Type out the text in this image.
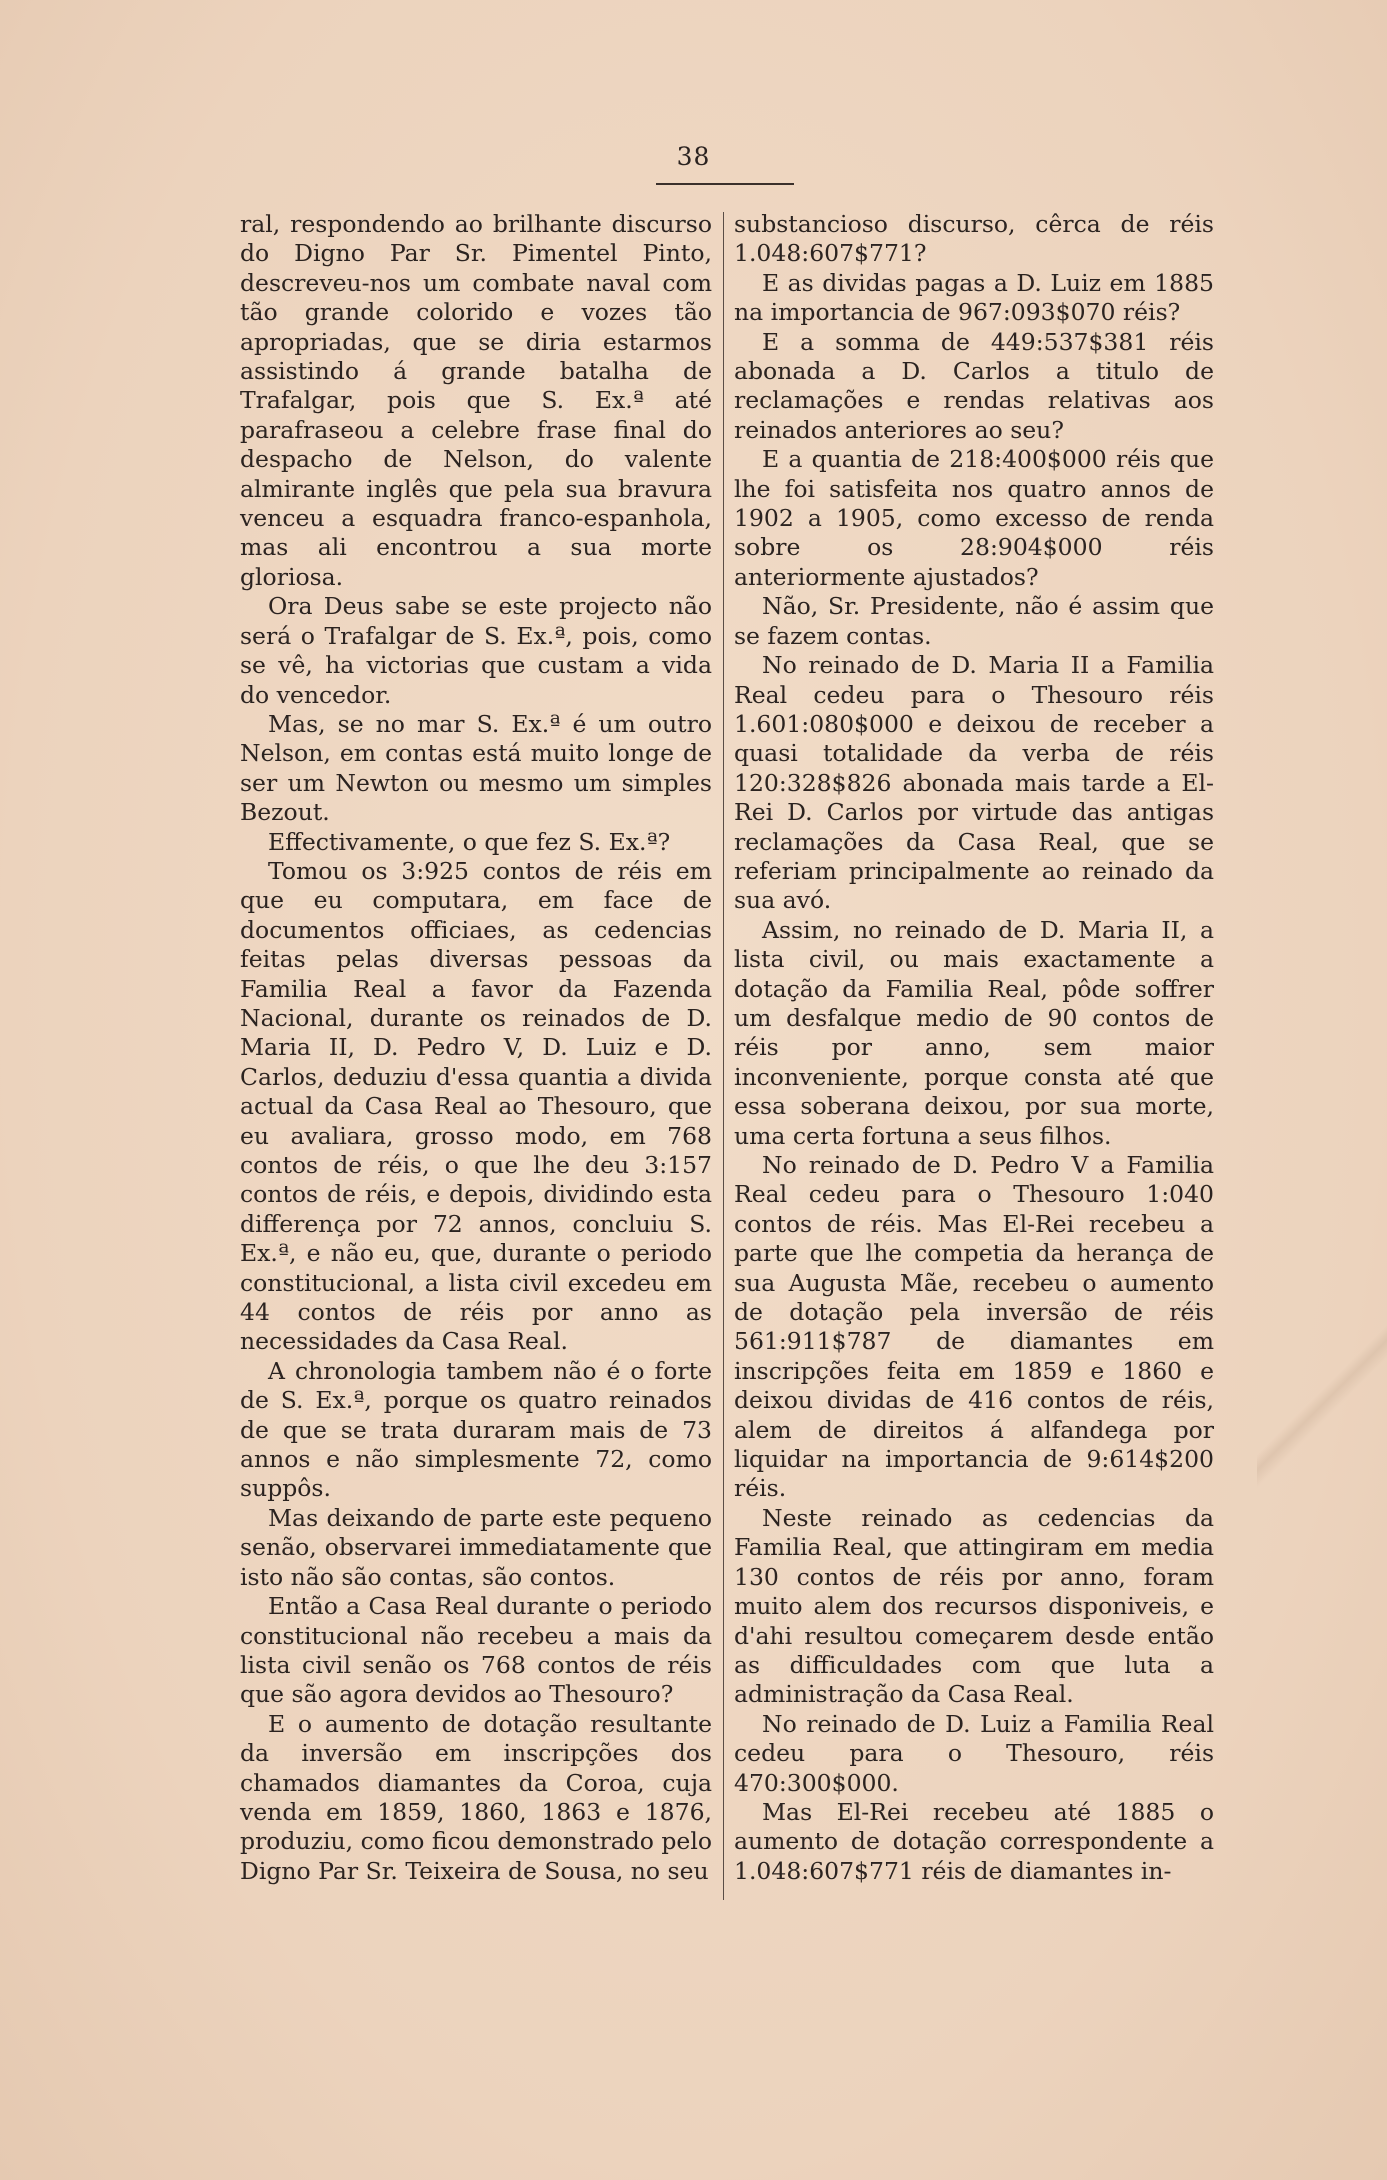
38

ral, respondendo ao brilhante discurso do Digno Par Sr. Pimentel Pinto, descreveu-nos um combate naval com tão grande colorido e vozes tão apropriadas, que se diria estarmos assistindo á grande batalha de Trafalgar, pois que S. Ex.ª até parafraseou a celebre frase final do despacho de Nelson, do valente almirante inglês que pela sua bravura venceu a esquadra franco-espanhola, mas ali encontrou a sua morte gloriosa.

Ora Deus sabe se este projecto não será o Trafalgar de S. Ex.ª, pois, como se vê, ha victorias que custam a vida do vencedor.

Mas, se no mar S. Ex.ª é um outro Nelson, em contas está muito longe de ser um Newton ou mesmo um simples Bezout.

Effectivamente, o que fez S. Ex.ª?

Tomou os 3:925 contos de réis em que eu computara, em face de documentos officiaes, as cedencias feitas pelas diversas pessoas da Familia Real a favor da Fazenda Nacional, durante os reinados de D. Maria II, D. Pedro V, D. Luiz e D. Carlos, deduziu d'essa quantia a divida actual da Casa Real ao Thesouro, que eu avaliara, grosso modo, em 768 contos de réis, o que lhe deu 3:157 contos de réis, e depois, dividindo esta differença por 72 annos, concluiu S. Ex.ª, e não eu, que, durante o periodo constitucional, a lista civil excedeu em 44 contos de réis por anno as necessidades da Casa Real.

A chronologia tambem não é o forte de S. Ex.ª, porque os quatro reinados de que se trata duraram mais de 73 annos e não simplesmente 72, como suppôs.

Mas deixando de parte este pequeno senão, observarei immediatamente que isto não são contas, são contos.

Então a Casa Real durante o periodo constitucional não recebeu a mais da lista civil senão os 768 contos de réis que são agora devidos ao Thesouro?

E o aumento de dotação resultante da inversão em inscripções dos chamados diamantes da Coroa, cuja venda em 1859, 1860, 1863 e 1876, produziu, como ficou demonstrado pelo Digno Par Sr. Teixeira de Sousa, no seu

substancioso discurso, cêrca de réis 1.048:607$771?

E as dividas pagas a D. Luiz em 1885 na importancia de 967:093$070 réis?

E a somma de 449:537$381 réis abonada a D. Carlos a titulo de reclamações e rendas relativas aos reinados anteriores ao seu?

E a quantia de 218:400$000 réis que lhe foi satisfeita nos quatro annos de 1902 a 1905, como excesso de renda sobre os 28:904$000 réis anteriormente ajustados?

Não, Sr. Presidente, não é assim que se fazem contas.

No reinado de D. Maria II a Familia Real cedeu para o Thesouro réis 1.601:080$000 e deixou de receber a quasi totalidade da verba de réis 120:328$826 abonada mais tarde a El-Rei D. Carlos por virtude das antigas reclamações da Casa Real, que se referiam principalmente ao reinado da sua avó.

Assim, no reinado de D. Maria II, a lista civil, ou mais exactamente a dotação da Familia Real, pôde soffrer um desfalque medio de 90 contos de réis por anno, sem maior inconveniente, porque consta até que essa soberana deixou, por sua morte, uma certa fortuna a seus filhos.

No reinado de D. Pedro V a Familia Real cedeu para o Thesouro 1:040 contos de réis. Mas El-Rei recebeu a parte que lhe competia da herança de sua Augusta Mãe, recebeu o aumento de dotação pela inversão de réis 561:911$787 de diamantes em inscripções feita em 1859 e 1860 e deixou dividas de 416 contos de réis, alem de direitos á alfandega por liquidar na importancia de 9:614$200 réis.

Neste reinado as cedencias da Familia Real, que attingiram em media 130 contos de réis por anno, foram muito alem dos recursos disponiveis, e d'ahi resultou começarem desde então as difficuldades com que luta a administração da Casa Real.

No reinado de D. Luiz a Familia Real cedeu para o Thesouro, réis 470:300$000.

Mas El-Rei recebeu até 1885 o aumento de dotação correspondente a 1.048:607$771 réis de diamantes in-
